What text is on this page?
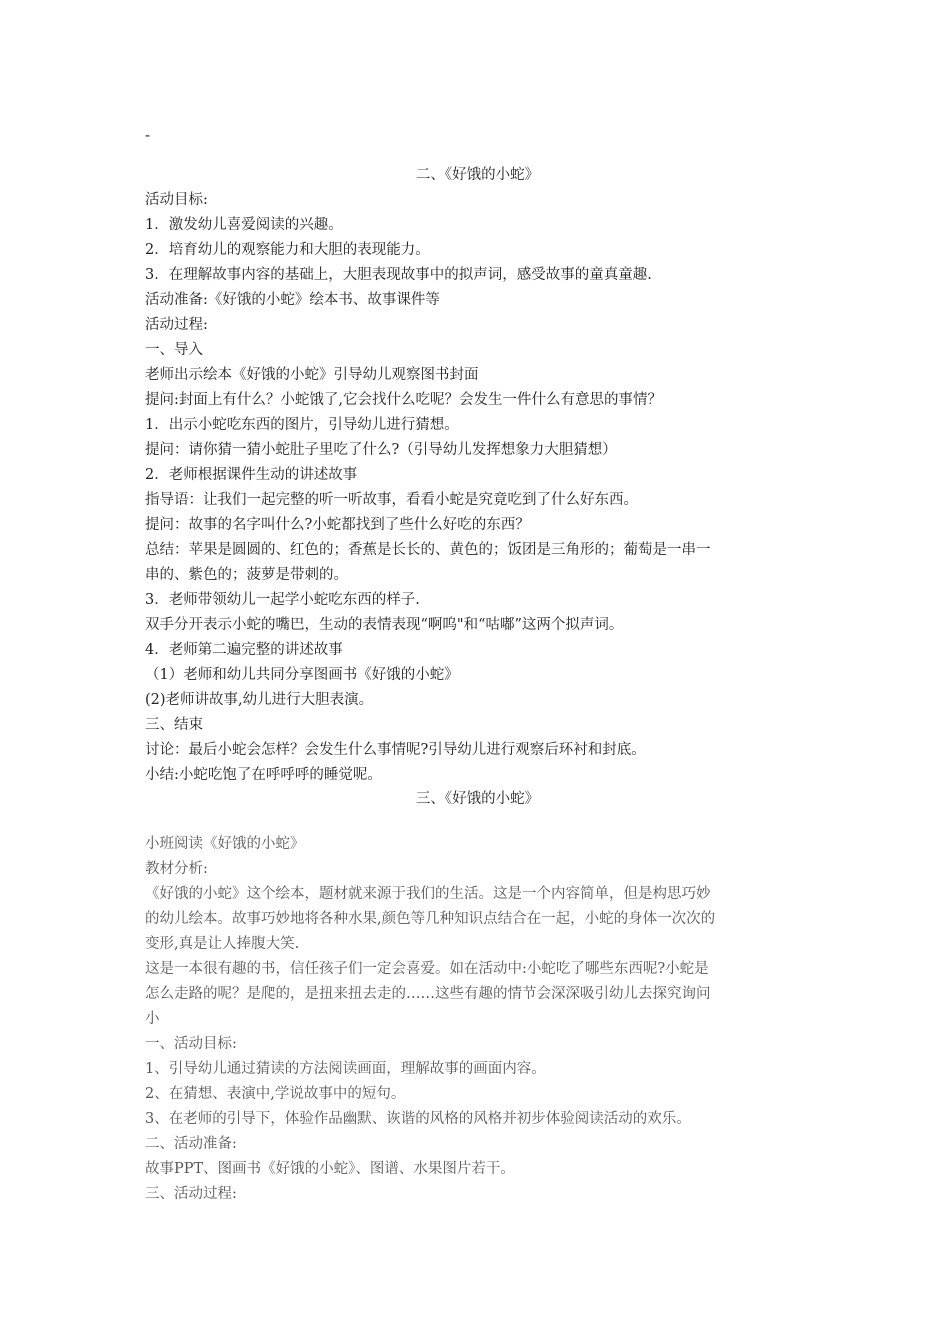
-

二、《好饿的小蛇》

活动目标:

1．激发幼儿喜爱阅读的兴趣。

2．培育幼儿的观察能力和大胆的表现能力。

3．在理解故事内容的基础上，大胆表现故事中的拟声词，感受故事的童真童趣.

活动准备:《好饿的小蛇》绘本书、故事课件等

活动过程:

一、导入

老师出示绘本《好饿的小蛇》引导幼儿观察图书封面

提问:封面上有什么？小蛇饿了,它会找什么吃呢？会发生一件什么有意思的事情？

1．出示小蛇吃东西的图片，引导幼儿进行猜想。

提问：请你猜一猜小蛇肚子里吃了什么?（引导幼儿发挥想象力大胆猜想）

2．老师根据课件生动的讲述故事

指导语：让我们一起完整的听一听故事，看看小蛇是究竟吃到了什么好东西。

提问：故事的名字叫什么?小蛇都找到了些什么好吃的东西？

总结：苹果是圆圆的、红色的；香蕉是长长的、黄色的；饭团是三角形的；葡萄是一串一

串的、紫色的；菠萝是带刺的。

3．老师带领幼儿一起学小蛇吃东西的样子.

双手分开表示小蛇的嘴巴，生动的表情表现“啊呜"和“咕嘟”这两个拟声词。

4．老师第二遍完整的讲述故事

（1）老师和幼儿共同分享图画书《好饿的小蛇》

(2)老师讲故事,幼儿进行大胆表演。

三、结束

讨论：最后小蛇会怎样？会发生什么事情呢?引导幼儿进行观察后环衬和封底。

小结:小蛇吃饱了在呼呼呼的睡觉呢。

三、《好饿的小蛇》

小班阅读《好饿的小蛇》

教材分析:

《好饿的小蛇》这个绘本，题材就来源于我们的生活。这是一个内容简单，但是构思巧妙

的幼儿绘本。故事巧妙地将各种水果,颜色等几种知识点结合在一起，小蛇的身体一次次的

变形,真是让人捧腹大笑.

这是一本很有趣的书，信任孩子们一定会喜爱。如在活动中:小蛇吃了哪些东西呢?小蛇是

怎么走路的呢？是爬的，是扭来扭去走的……这些有趣的情节会深深吸引幼儿去探究询问

小

一、活动目标:

1、引导幼儿通过猜读的方法阅读画面，理解故事的画面内容。

2、在猜想、表演中,学说故事中的短句。

3、在老师的引导下，体验作品幽默、诙谐的风格的风格并初步体验阅读活动的欢乐。

二、活动准备:

故事PPT、图画书《好饿的小蛇》、图谱、水果图片若干。

三、活动过程:
